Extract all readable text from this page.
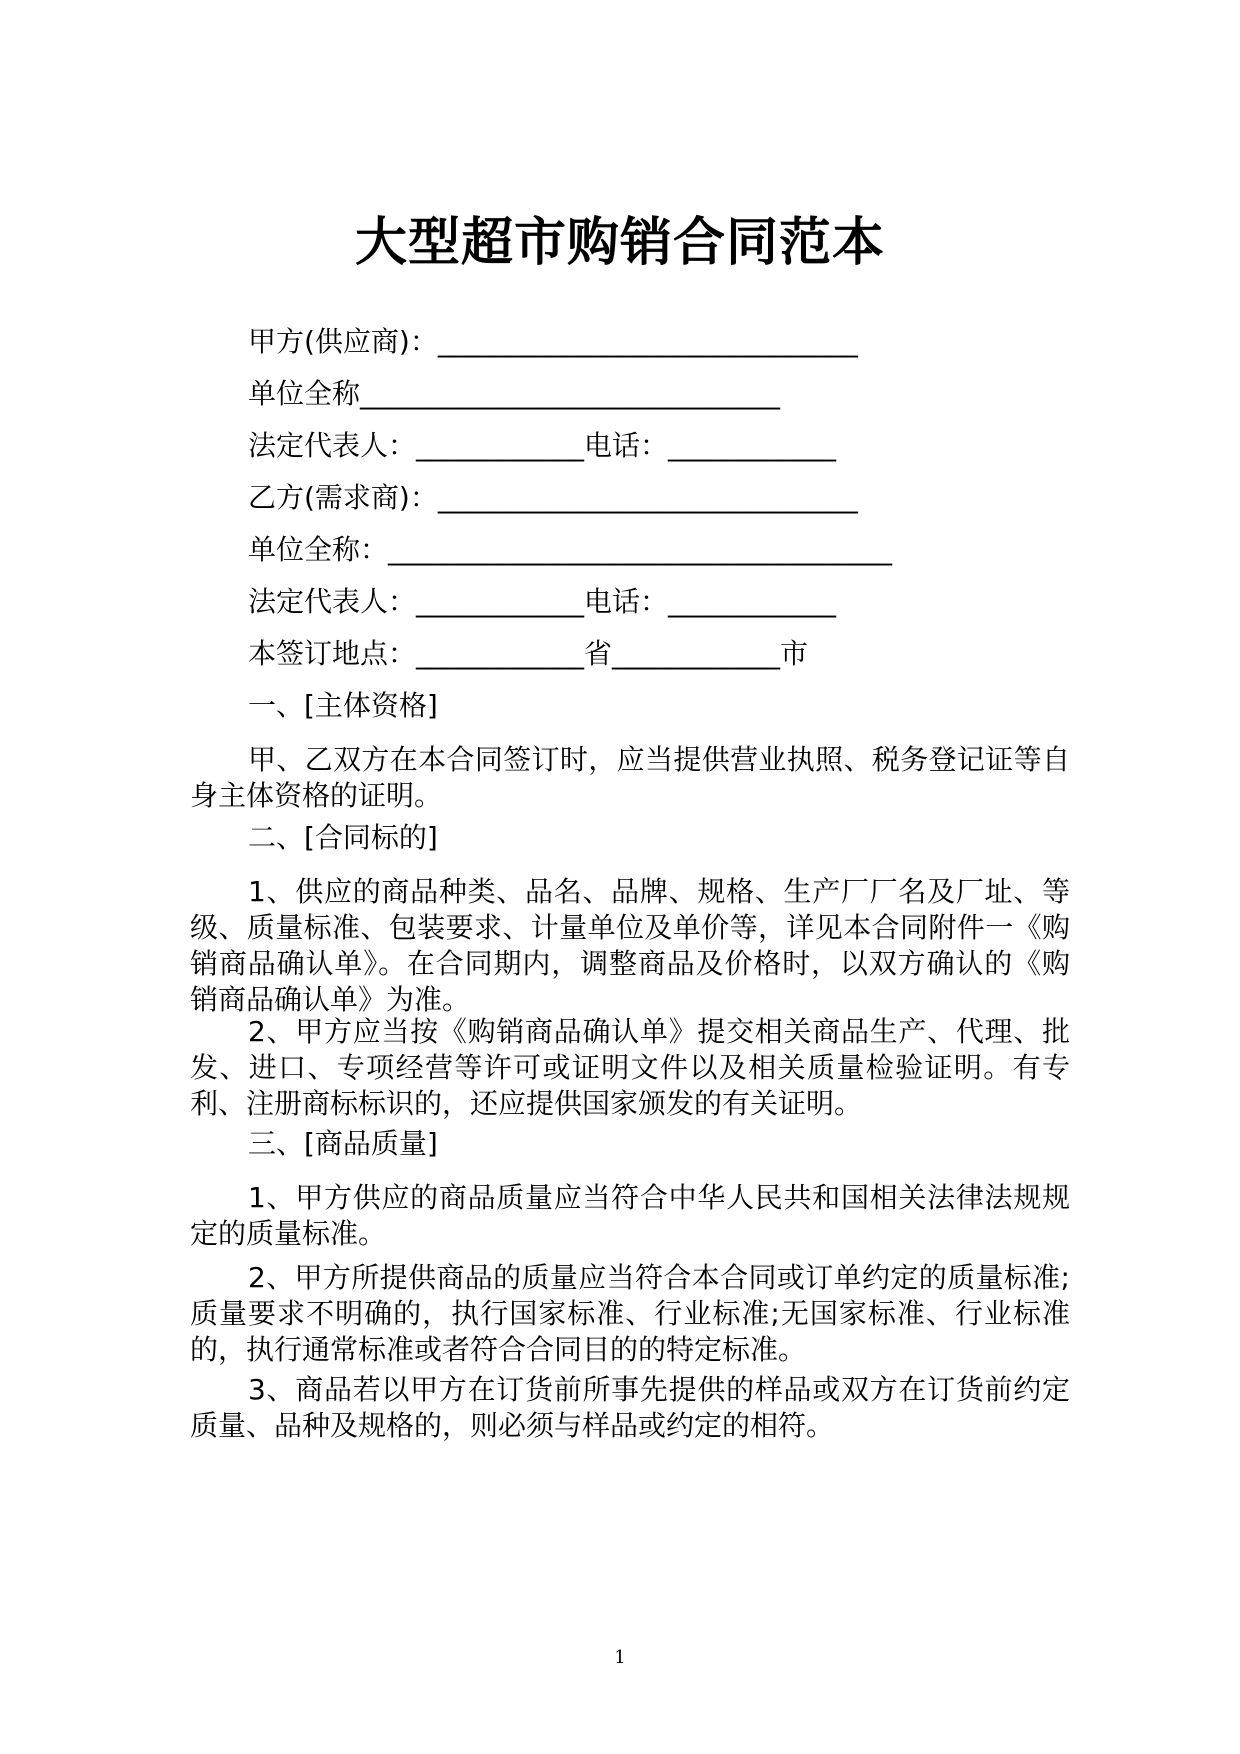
大型超市购销合同范本
甲方(供应商)：______________________________
单位全称______________________________
法定代表人：____________电话：____________
乙方(需求商)：______________________________
单位全称：____________________________________
法定代表人：____________电话：____________
本签订地点：____________省____________市
一、[主体资格]
甲、乙双方在本合同签订时，应当提供营业执照、税务登记证等自身主体资格的证明。
二、[合同标的]
1、供应的商品种类、品名、品牌、规格、生产厂厂名及厂址、等级、质量标准、包装要求、计量单位及单价等，详见本合同附件一《购销商品确认单》。在合同期内，调整商品及价格时，以双方确认的《购销商品确认单》为准。
2、甲方应当按《购销商品确认单》提交相关商品生产、代理、批发、进口、专项经营等许可或证明文件以及相关质量检验证明。有专利、注册商标标识的，还应提供国家颁发的有关证明。
三、[商品质量]
1、甲方供应的商品质量应当符合中华人民共和国相关法律法规规定的质量标准。
2、甲方所提供商品的质量应当符合本合同或订单约定的质量标准;质量要求不明确的，执行国家标准、行业标准;无国家标准、行业标准的，执行通常标准或者符合合同目的的特定标准。
3、商品若以甲方在订货前所事先提供的样品或双方在订货前约定质量、品种及规格的，则必须与样品或约定的相符。
1
